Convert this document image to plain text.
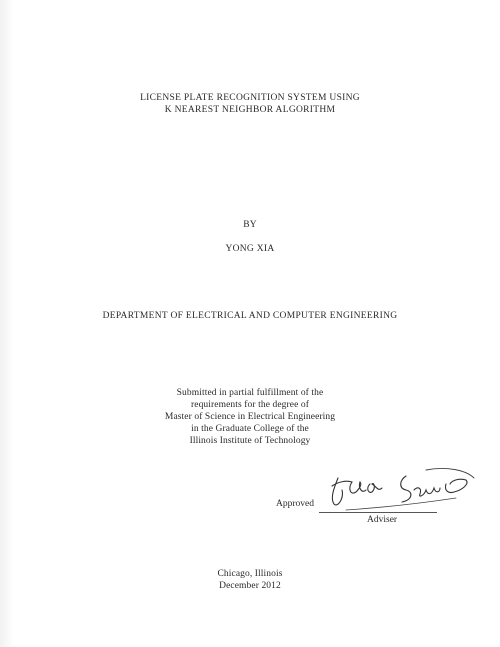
LICENSE PLATE RECOGNITION SYSTEM USING
K NEAREST NEIGHBOR ALGORITHM
BY
YONG XIA
DEPARTMENT OF ELECTRICAL AND COMPUTER ENGINEERING
Submitted in partial fulfillment of the
requirements for the degree of
Master of Science in Electrical Engineering
in the Graduate College of the
Illinois Institute of Technology
Approved
Adviser
Chicago, Illinois
December 2012
